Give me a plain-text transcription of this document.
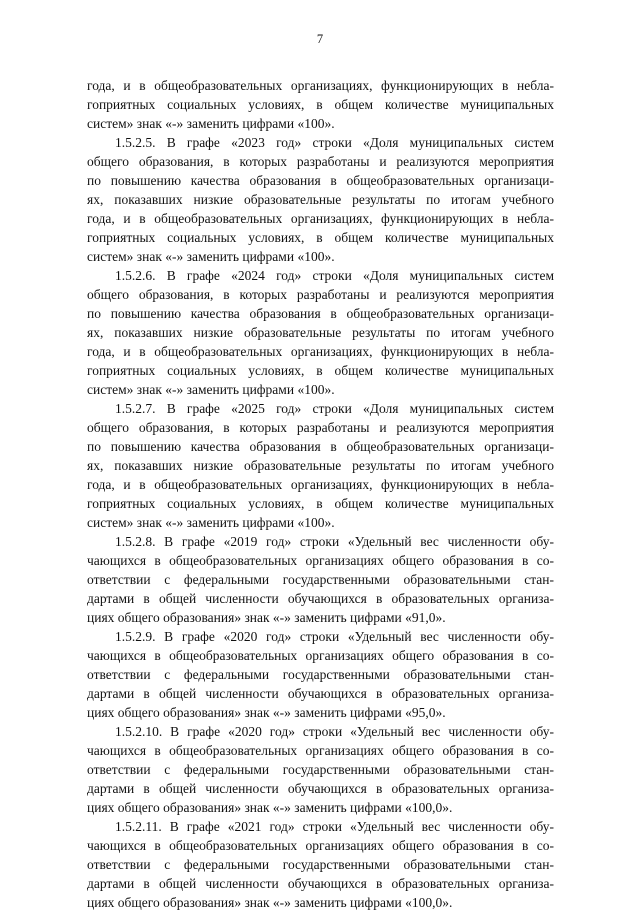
7
года, и в общеобразовательных организациях, функционирующих в небла-
гоприятных социальных условиях, в общем количестве муниципальных
систем» знак «-» заменить цифрами «100».
1.5.2.5. В графе «2023 год» строки «Доля муниципальных систем
общего образования, в которых разработаны и реализуются мероприятия
по повышению качества образования в общеобразовательных организаци-
ях, показавших низкие образовательные результаты по итогам учебного
года, и в общеобразовательных организациях, функционирующих в небла-
гоприятных социальных условиях, в общем количестве муниципальных
систем» знак «-» заменить цифрами «100».
1.5.2.6. В графе «2024 год» строки «Доля муниципальных систем
общего образования, в которых разработаны и реализуются мероприятия
по повышению качества образования в общеобразовательных организаци-
ях, показавших низкие образовательные результаты по итогам учебного
года, и в общеобразовательных организациях, функционирующих в небла-
гоприятных социальных условиях, в общем количестве муниципальных
систем» знак «-» заменить цифрами «100».
1.5.2.7. В графе «2025 год» строки «Доля муниципальных систем
общего образования, в которых разработаны и реализуются мероприятия
по повышению качества образования в общеобразовательных организаци-
ях, показавших низкие образовательные результаты по итогам учебного
года, и в общеобразовательных организациях, функционирующих в небла-
гоприятных социальных условиях, в общем количестве муниципальных
систем» знак «-» заменить цифрами «100».
1.5.2.8. В графе «2019 год» строки «Удельный вес численности обу-
чающихся в общеобразовательных организациях общего образования в со-
ответствии с федеральными государственными образовательными стан-
дартами в общей численности обучающихся в образовательных организа-
циях общего образования» знак «-» заменить цифрами «91,0».
1.5.2.9. В графе «2020 год» строки «Удельный вес численности обу-
чающихся в общеобразовательных организациях общего образования в со-
ответствии с федеральными государственными образовательными стан-
дартами в общей численности обучающихся в образовательных организа-
циях общего образования» знак «-» заменить цифрами «95,0».
1.5.2.10. В графе «2020 год» строки «Удельный вес численности обу-
чающихся в общеобразовательных организациях общего образования в со-
ответствии с федеральными государственными образовательными стан-
дартами в общей численности обучающихся в образовательных организа-
циях общего образования» знак «-» заменить цифрами «100,0».
1.5.2.11. В графе «2021 год» строки «Удельный вес численности обу-
чающихся в общеобразовательных организациях общего образования в со-
ответствии с федеральными государственными образовательными стан-
дартами в общей численности обучающихся в образовательных организа-
циях общего образования» знак «-» заменить цифрами «100,0».
